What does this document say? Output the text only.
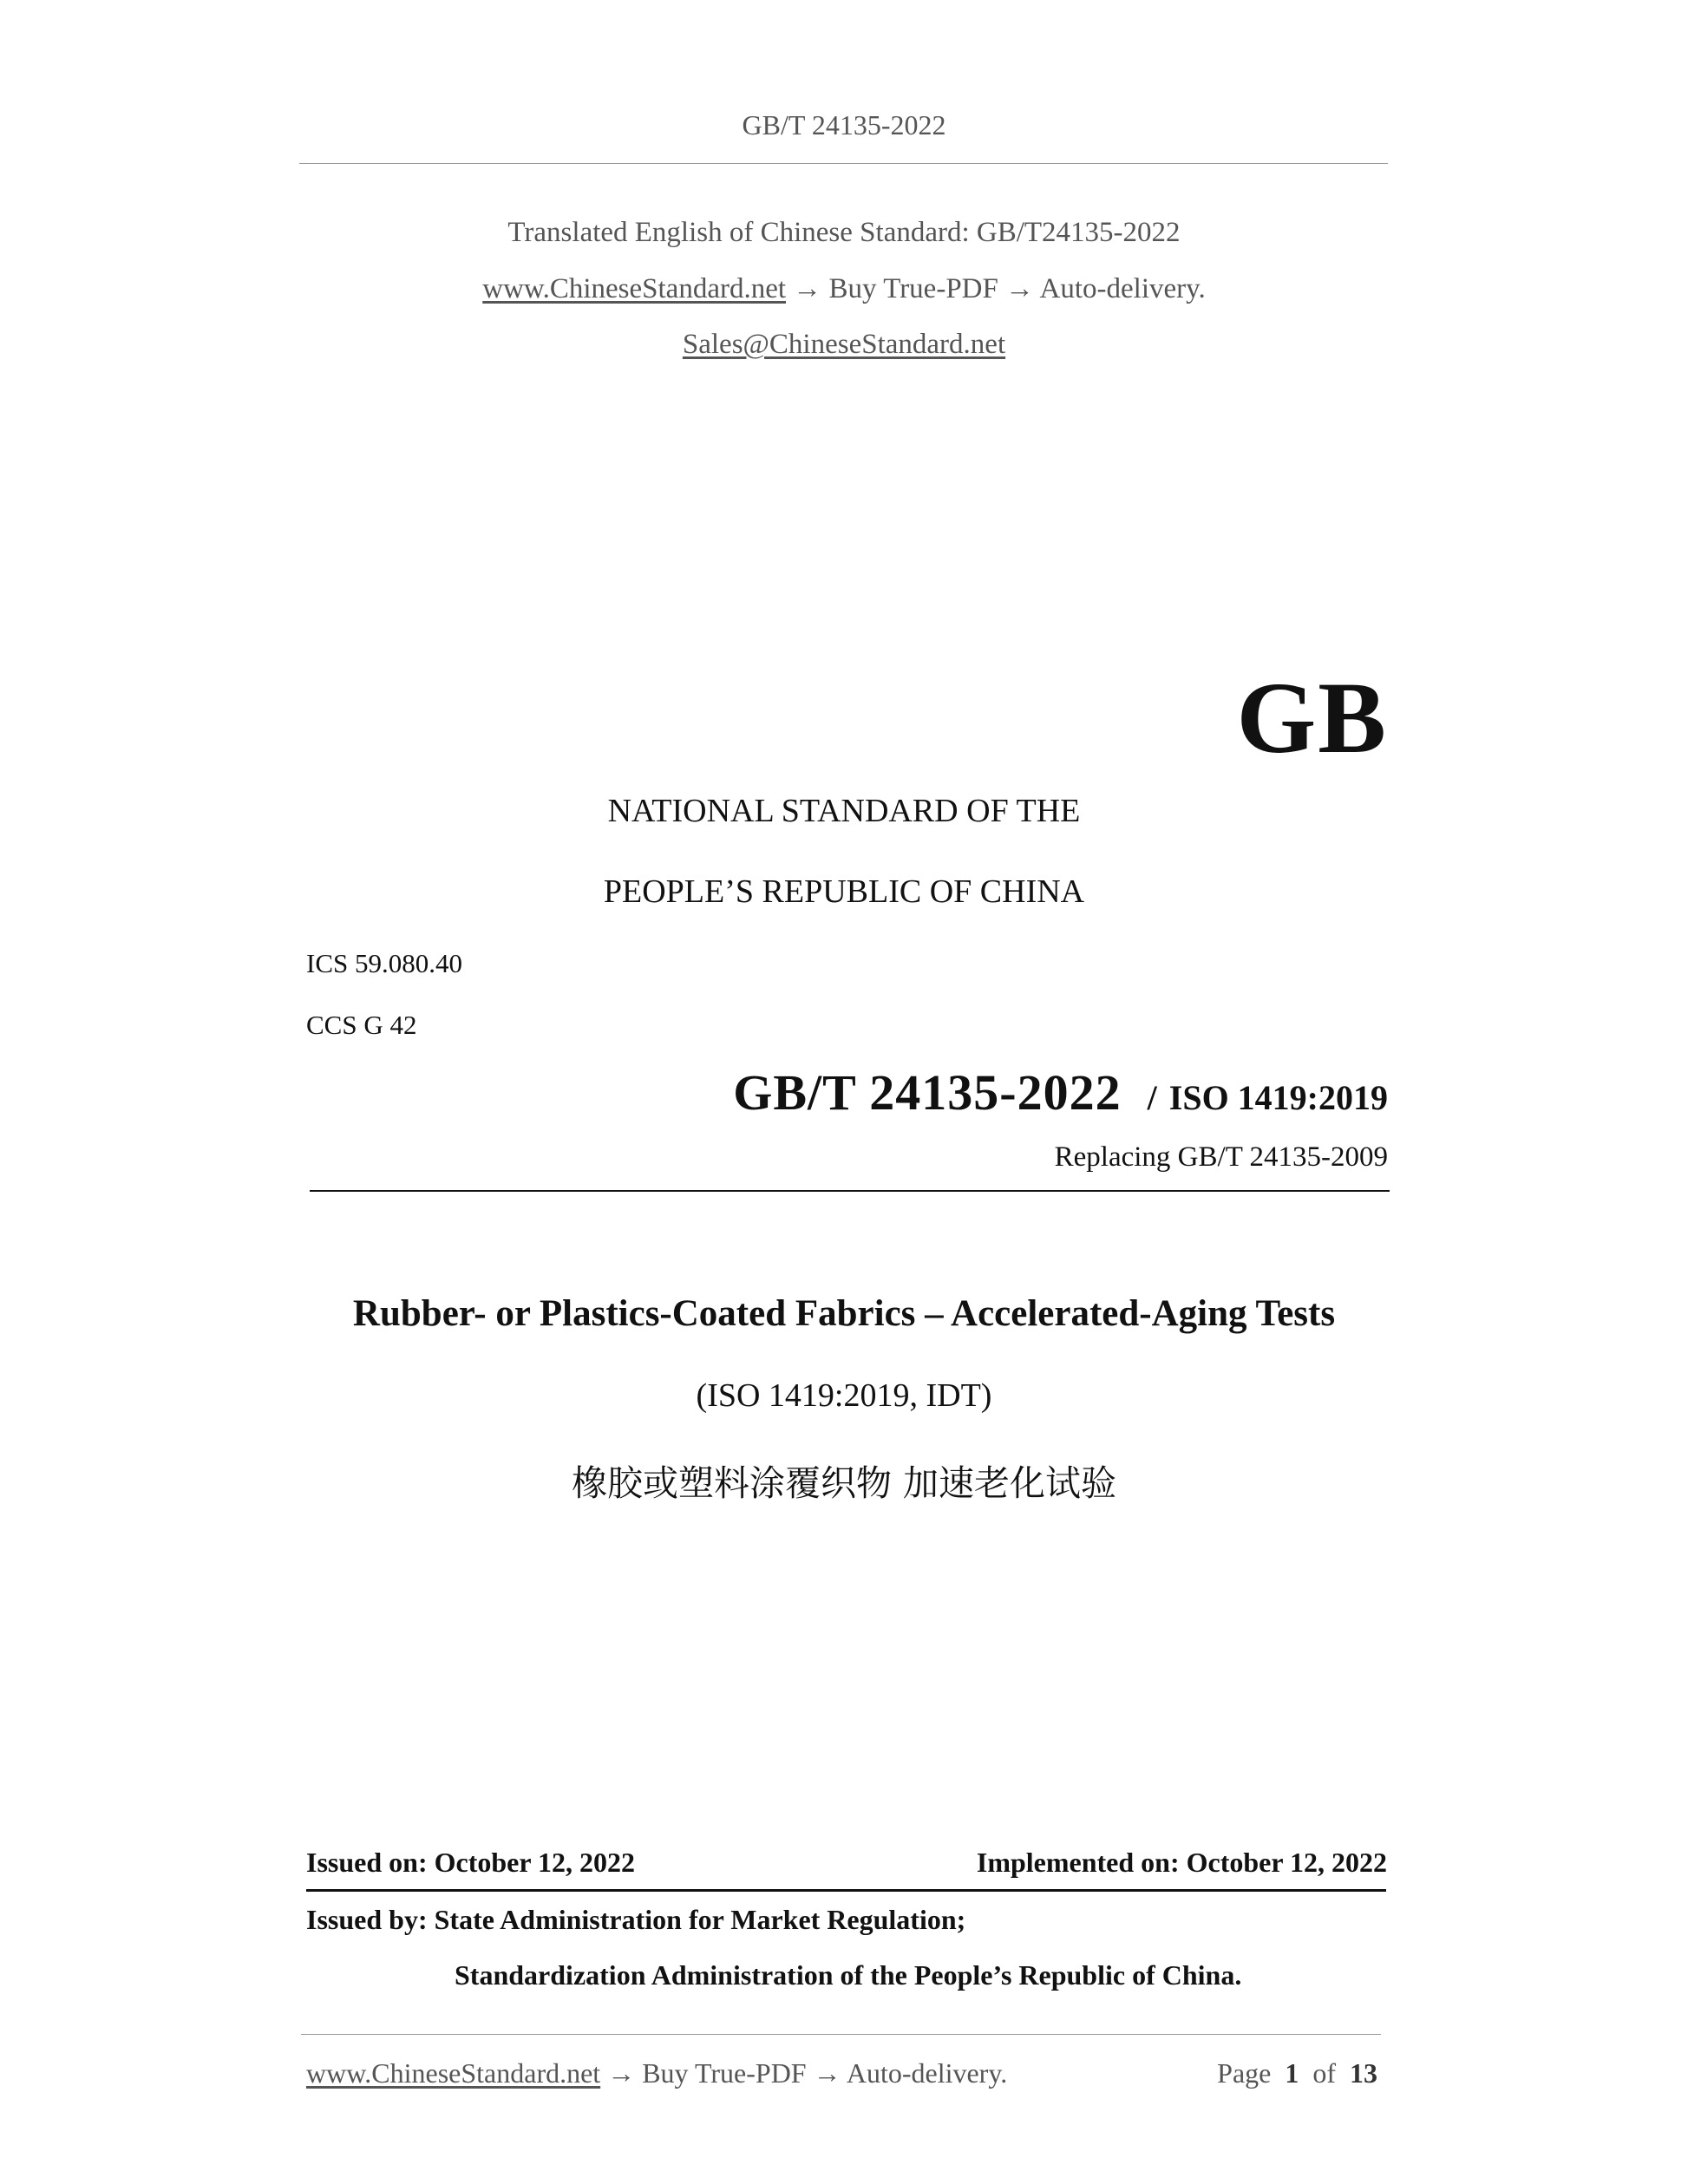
GB/T 24135-2022
Translated English of Chinese Standard: GB/T24135-2022
www.ChineseStandard.net → Buy True-PDF → Auto-delivery.
Sales@ChineseStandard.net
GB
NATIONAL STANDARD OF THE
PEOPLE’S REPUBLIC OF CHINA
ICS 59.080.40
CCS G 42
GB/T 24135-2022 / ISO 1419:2019
Replacing GB/T 24135-2009
Rubber- or Plastics-Coated Fabrics – Accelerated-Aging Tests
(ISO 1419:2019, IDT)
橡胶或塑料涂覆织物 加速老化试验
Issued on: October 12, 2022	Implemented on: October 12, 2022
Issued by: State Administration for Market Regulation;
Standardization Administration of the People’s Republic of China.
www.ChineseStandard.net → Buy True-PDF → Auto-delivery.	Page 1 of 13
